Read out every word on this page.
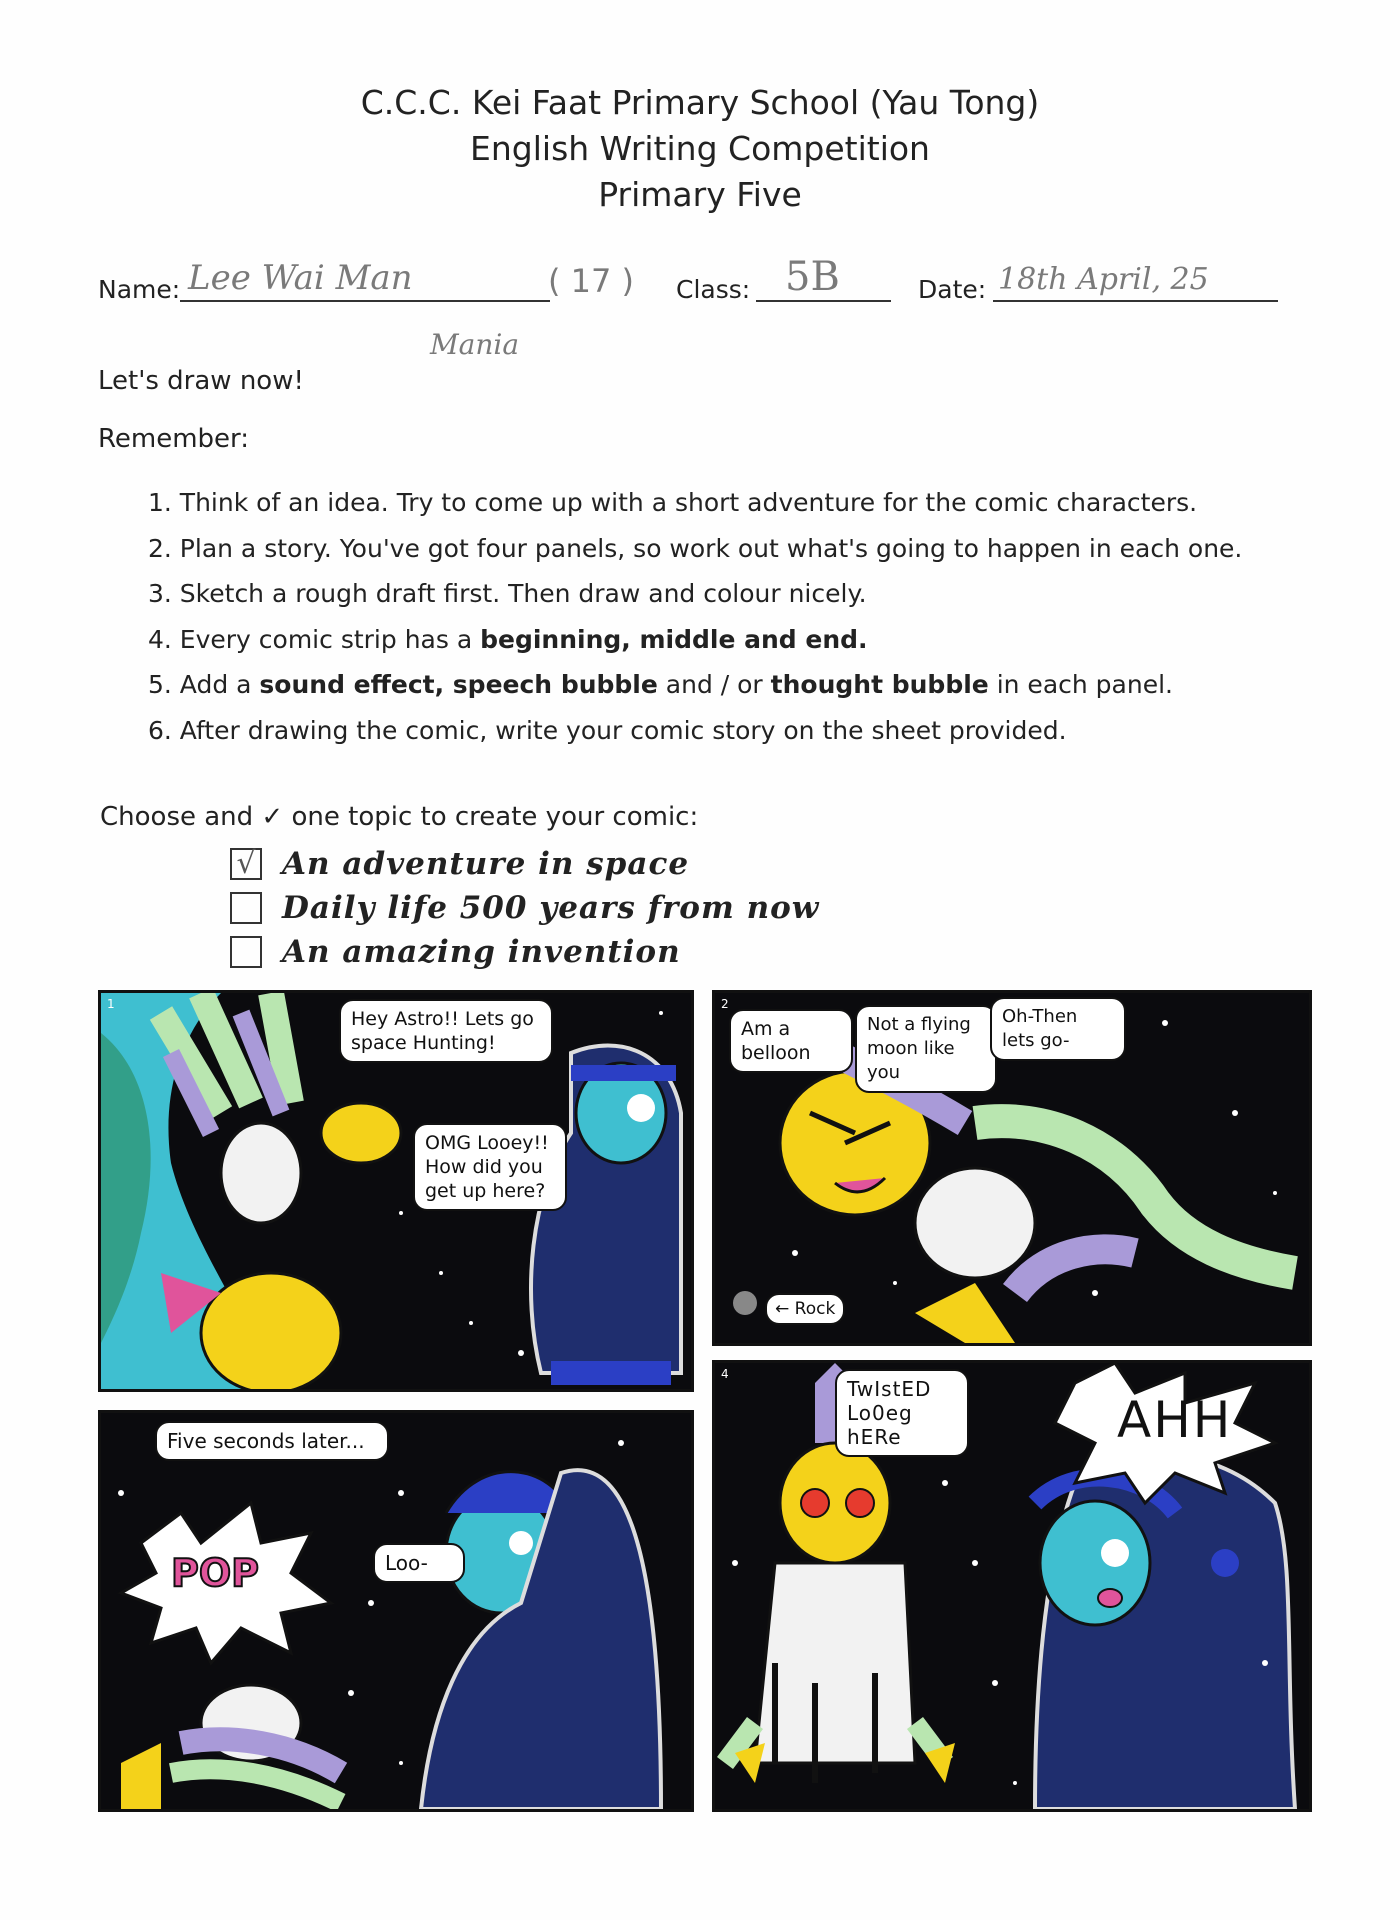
C.C.C. Kei Faat Primary School (Yau Tong)
English Writing Competition
Primary Five
Name: Lee Wai Man
Mania
( 17 ) Class: 5B	Date: 18th April, 25
Let's draw now!
Remember:
1. Think of an idea. Try to come up with a short adventure for the comic characters.
2. Plan a story. You've got four panels, so work out what's going to happen in each one.
3. Sketch a rough draft first. Then draw and colour nicely.
4. Every comic strip has a beginning, middle and end.
5. Add a sound effect, speech bubble and / or thought bubble in each panel.
6. After drawing the comic, write your comic story on the sheet provided.
Choose and ✓ one topic to create your comic:
√ An adventure in space
Daily life 500 years from now
An amazing invention
1
Hey Astro!! Lets go space Hunting!
OMG Looey!! How did you get up here?
2
Am a belloon
Not a flying moon like you
Oh-Then lets go-
← Rock
Five seconds later...
POP	Loo-
4
TwIstED Lo0eg hERe	AHH
